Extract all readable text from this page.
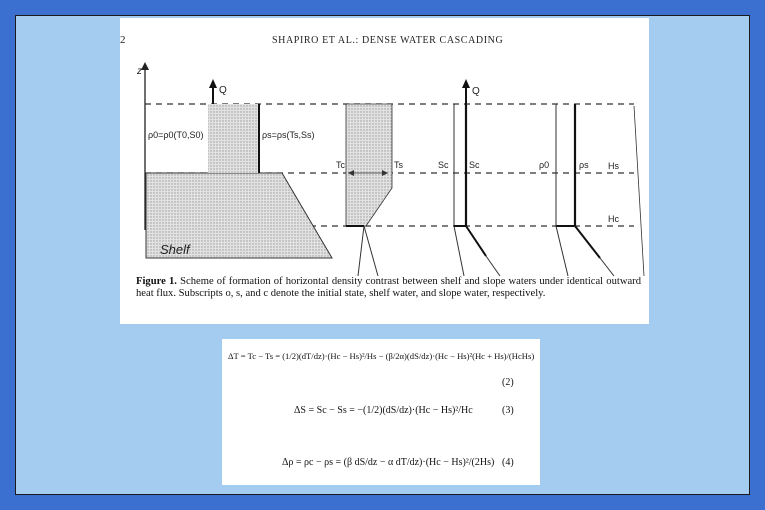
2	SHAPIRO ET AL.: DENSE WATER CASCADING
z
Shelf
Q
ρ0=ρ0(T0,S0)	ρs=ρs(Ts,Ss)
Tc	Ts
Q
Sc Sc	ρ0	ρs Hs
Hc
Figure 1. Scheme of formation of horizontal density contrast between shelf and slope waters under identical outward heat flux. Subscripts o, s, and c denote the initial state, shelf water, and slope water, respectively.
ΔT = Tc − Ts = (1/2)(dT/dz)·(Hc − Hs)²/Hs − (β/2α)(dS/dz)·(Hc − Hs)²(Hc + Hs)/(HcHs)
(2)
ΔS = Sc − Ss = −(1/2)(dS/dz)·(Hc − Hs)²/Hc	(3)
Δρ = ρc − ρs = (β dS/dz − α dT/dz)·(Hc − Hs)²/(2Hs) (4)
